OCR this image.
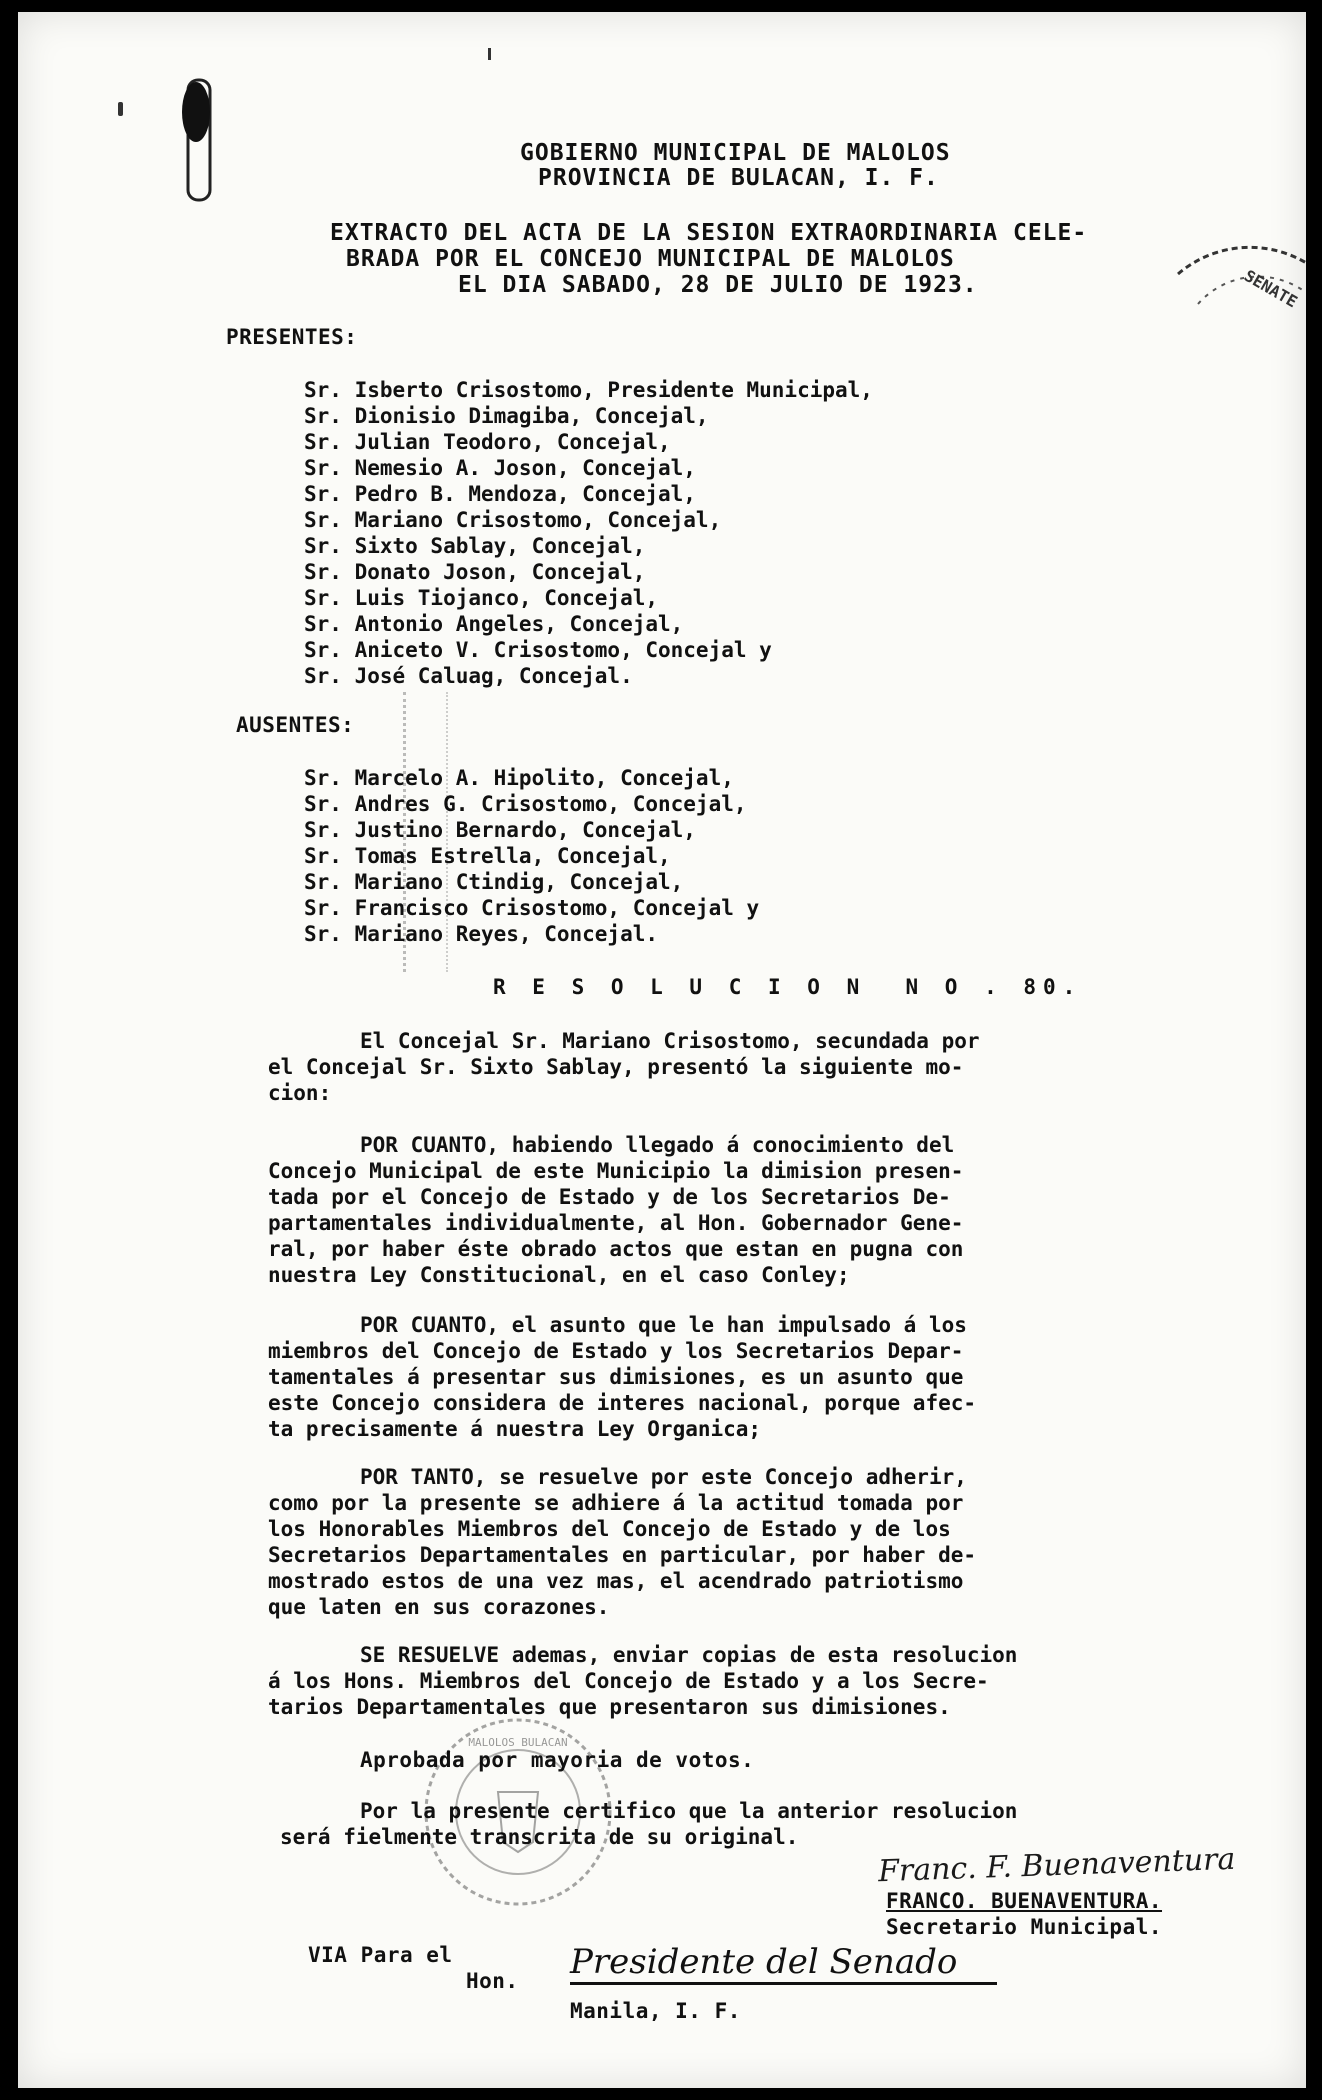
GOBIERNO MUNICIPAL DE MALOLOS
PROVINCIA DE BULACAN, I. F.
EXTRACTO DEL ACTA DE LA SESION EXTRAORDINARIA CELE-
BRADA POR EL CONCEJO MUNICIPAL DE MALOLOS
EL DIA SABADO, 28 DE JULIO DE 1923.	SENATE
PRESENTES:
Sr. Isberto Crisostomo, Presidente Municipal,
Sr. Dionisio Dimagiba, Concejal,
Sr. Julian Teodoro, Concejal,
Sr. Nemesio A. Joson, Concejal,
Sr. Pedro B. Mendoza, Concejal,
Sr. Mariano Crisostomo, Concejal,
Sr. Sixto Sablay, Concejal,
Sr. Donato Joson, Concejal,
Sr. Luis Tiojanco, Concejal,
Sr. Antonio Angeles, Concejal,
Sr. Aniceto V. Crisostomo, Concejal y
Sr. José Caluag, Concejal.
AUSENTES:
Sr. Marcelo A. Hipolito, Concejal,
Sr. Andres G. Crisostomo, Concejal,
Sr. Justino Bernardo, Concejal,
Sr. Tomas Estrella, Concejal,
Sr. Mariano Ctindig, Concejal,
Sr. Francisco Crisostomo, Concejal y
Sr. Mariano Reyes, Concejal.
R E S O L U C I O N  N O . 80.
El Concejal Sr. Mariano Crisostomo, secundada por
el Concejal Sr. Sixto Sablay, presentó la siguiente mo-
cion:
POR CUANTO, habiendo llegado á conocimiento del
Concejo Municipal de este Municipio la dimision presen-
tada por el Concejo de Estado y de los Secretarios De-
partamentales individualmente, al Hon. Gobernador Gene-
ral, por haber éste obrado actos que estan en pugna con
nuestra Ley Constitucional, en el caso Conley;
POR CUANTO, el asunto que le han impulsado á los
miembros del Concejo de Estado y los Secretarios Depar-
tamentales á presentar sus dimisiones, es un asunto que
este Concejo considera de interes nacional, porque afec-
ta precisamente á nuestra Ley Organica;
POR TANTO, se resuelve por este Concejo adherir,
como por la presente se adhiere á la actitud tomada por
los Honorables Miembros del Concejo de Estado y de los
Secretarios Departamentales en particular, por haber de-
mostrado estos de una vez mas, el acendrado patriotismo
que laten en sus corazones.
SE RESUELVE ademas, enviar copias de esta resolucion
á los Hons. Miembros del Concejo de Estado y a los Secre-
tarios Departamentales que presentaron sus dimisiones.
Aprobada por mayoria de votos.
Por la presente certifico que la anterior resolucion
será fielmente transcrita de su original.
MALOLOS BULACAN
Franc. F. Buenaventura
FRANCO. BUENAVENTURA.
Secretario Municipal.
VIA Para el
Hon. Presidente del Senado
Manila, I. F.
